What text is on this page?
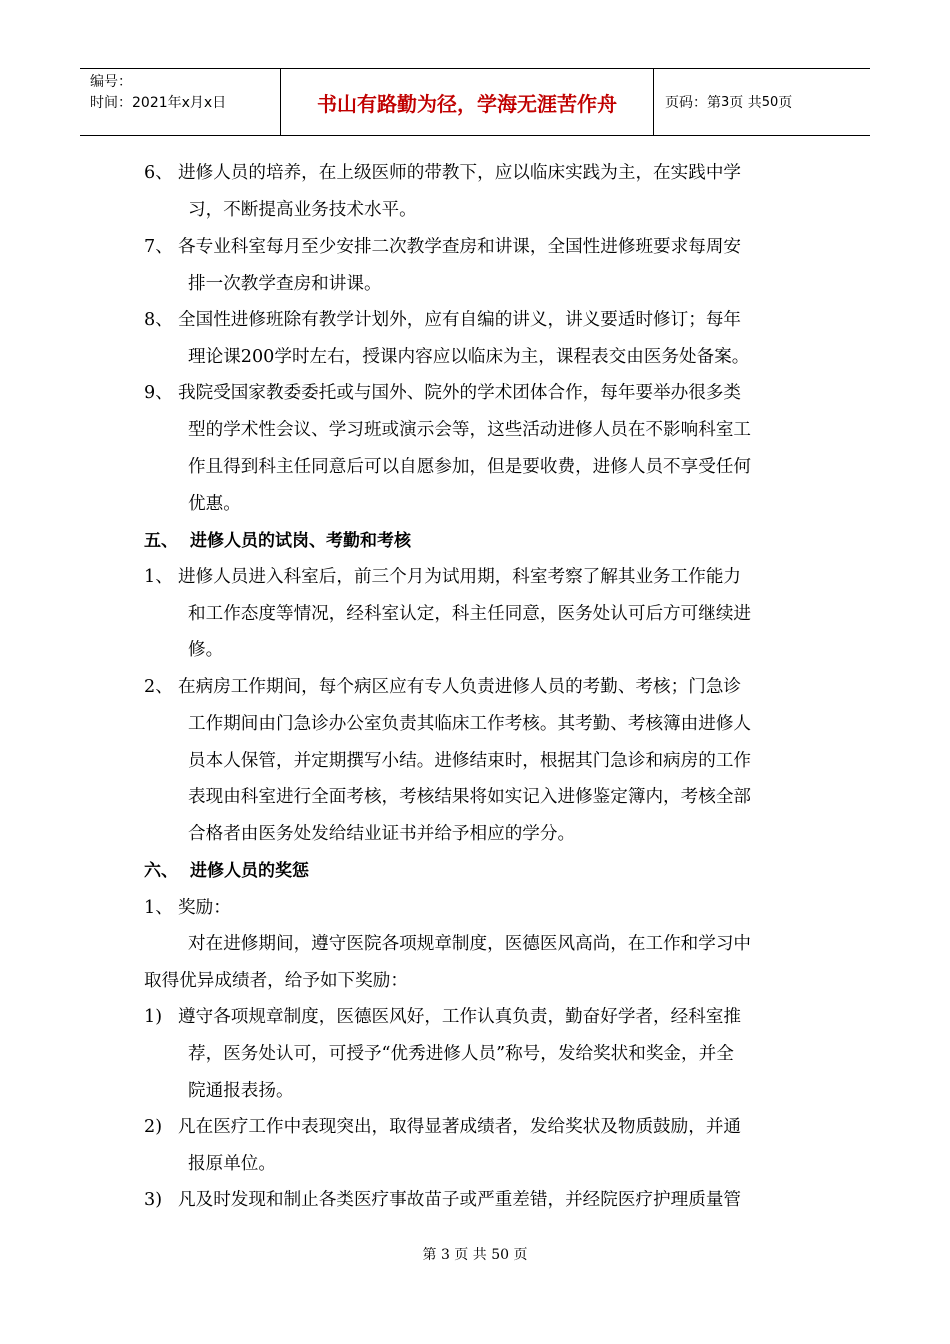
编号：
时间：2021年x月x日	书山有路勤为径，学海无涯苦作舟	页码：第 3 页 共 50 页
6、 进修人员的培养，在上级医师的带教下，应以临床实践为主，在实践中学
习，不断提高业务技术水平。
7、 各专业科室每月至少安排二次教学查房和讲课，全国性进修班要求每周安
排一次教学查房和讲课。
8、 全国性进修班除有教学计划外，应有自编的讲义，讲义要适时修订；每年
理论课200学时左右，授课内容应以临床为主，课程表交由医务处备案。
9、 我院受国家教委委托或与国外、院外的学术团体合作，每年要举办很多类
型的学术性会议、学习班或演示会等，这些活动进修人员在不影响科室工
作且得到科主任同意后可以自愿参加，但是要收费，进修人员不享受任何
优惠。
五、 进修人员的试岗、考勤和考核
1、 进修人员进入科室后，前三个月为试用期，科室考察了解其业务工作能力
和工作态度等情况，经科室认定，科主任同意，医务处认可后方可继续进
修。
2、 在病房工作期间，每个病区应有专人负责进修人员的考勤、考核；门急诊
工作期间由门急诊办公室负责其临床工作考核。其考勤、考核簿由进修人
员本人保管，并定期撰写小结。进修结束时，根据其门急诊和病房的工作
表现由科室进行全面考核，考核结果将如实记入进修鉴定簿内，考核全部
合格者由医务处发给结业证书并给予相应的学分。
六、 进修人员的奖惩
1、 奖励：
对在进修期间，遵守医院各项规章制度，医德医风高尚，在工作和学习中
取得优异成绩者，给予如下奖励：
1) 遵守各项规章制度，医德医风好，工作认真负责，勤奋好学者，经科室推
荐，医务处认可，可授予“优秀进修人员”称号，发给奖状和奖金，并全
院通报表扬。
2) 凡在医疗工作中表现突出，取得显著成绩者，发给奖状及物质鼓励，并通
报原单位。
3) 凡及时发现和制止各类医疗事故苗子或严重差错，并经院医疗护理质量管
第 3 页 共 50 页
